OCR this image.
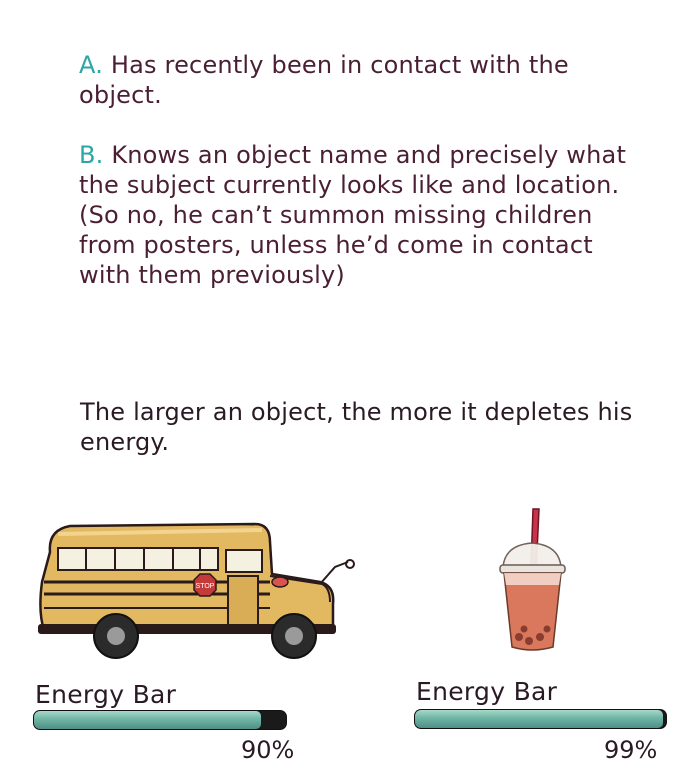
A. Has recently been in contact with the object.

B. Knows an object name and precisely what the subject currently looks like and location.
(So no, he can’t summon missing children from posters, unless he’d come in contact with them previously)

The larger an object, the more it depletes his energy.

STOP

Energy Bar

90%

Energy Bar

99%
